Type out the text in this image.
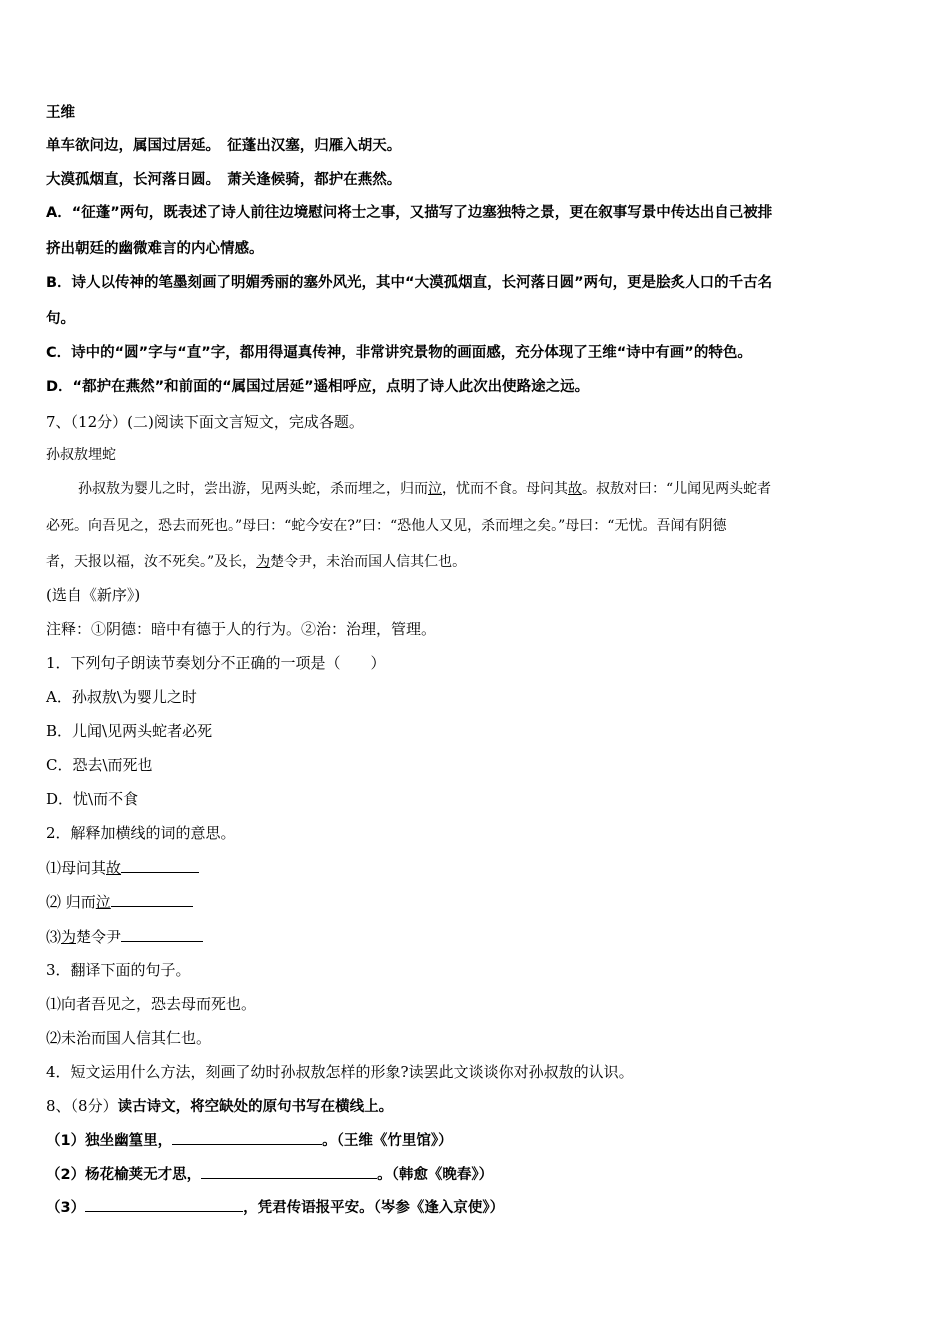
王维
单车欲问边，属国过居延。　征蓬出汉塞，归雁入胡天。
大漠孤烟直，长河落日圆。　萧关逢候骑，都护在燕然。
A．“征蓬”两句，既表述了诗人前往边境慰问将士之事，又描写了边塞独特之景，更在叙事写景中传达出自己被排
挤出朝廷的幽微难言的内心情感。
B．诗人以传神的笔墨刻画了明媚秀丽的塞外风光，其中“大漠孤烟直，长河落日圆”两句，更是脍炙人口的千古名
句。
C．诗中的“圆”字与“直”字，都用得逼真传神，非常讲究景物的画面感，充分体现了王维“诗中有画”的特色。
D．“都护在燕然”和前面的“属国过居延”遥相呼应，点明了诗人此次出使路途之远。
7、（12分）(二)阅读下面文言短文，完成各题。
孙叔敖埋蛇
孙叔敖为婴儿之时，尝出游，见两头蛇，杀而埋之，归而泣，忧而不食。母问其故。叔敖对曰：“儿闻见两头蛇者
必死。向吾见之，恐去而死也。”母曰：“蛇今安在?”曰：“恐他人又见，杀而埋之矣。”母曰：“无忧。吾闻有阴德
者，天报以福，汝不死矣。”及长，为楚令尹，未治而国人信其仁也。
(选自《新序》)
注释：①阴德：暗中有德于人的行为。②治：治理，管理。
1．下列句子朗读节奏划分不正确的一项是（　　）
A．孙叔敖\为婴儿之时
B．儿闻\见两头蛇者必死
C．恐去\而死也
D．忧\而不食
2．解释加横线的词的意思。
⑴母问其故
⑵ 归而泣
⑶为楚令尹
3．翻译下面的句子。
⑴向者吾见之，恐去母而死也。
⑵未治而国人信其仁也。
4．短文运用什么方法，刻画了幼时孙叔敖怎样的形象?读罢此文谈谈你对孙叔敖的认识。
8、（8分）读古诗文，将空缺处的原句书写在横线上。
（1）独坐幽篁里，	。（王维《竹里馆》）
（2）杨花榆荚无才思，	。（韩愈《晚春》）
（3）	，凭君传语报平安。（岑参《逢入京使》）
